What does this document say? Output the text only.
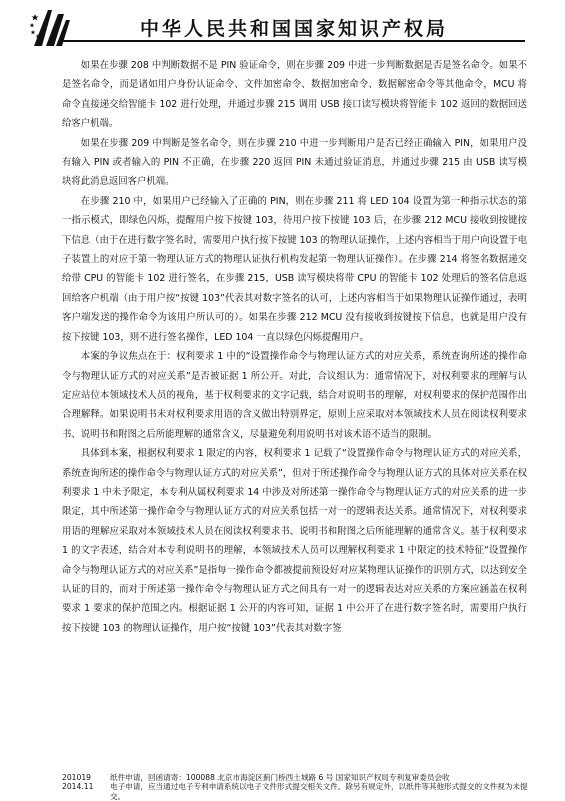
中华人民共和国国家知识产权局

如果在步骤 208 中判断数据不是 PIN 验证命令，则在步骤 209 中进一步判断数据是否是签名命令。如果不是签名命令，而是诸如用户身份认证命令、文件加密命令、数据加密命令、数据解密命令等其他命令，MCU 将命令直接递交给智能卡 102 进行处理，并通过步骤 215 调用 USB 接口读写模块将智能卡 102 返回的数据回送给客户机端。

如果在步骤 209 中判断是签名命令，则在步骤 210 中进一步判断用户是否已经正确输入 PIN，如果用户没有输入 PIN 或者输入的 PIN 不正确，在步骤 220 返回 PIN 未通过验证消息，并通过步骤 215 由 USB 读写模块将此消息返回客户机端。

在步骤 210 中，如果用户已经输入了正确的 PIN，则在步骤 211 将 LED 104 设置为第一种指示状态的第一指示模式，即绿色闪烁，提醒用户按下按键 103，待用户按下按键 103 后，在步骤 212 MCU 接收到按键按下信息（由于在进行数字签名时，需要用户执行按下按键 103 的物理认证操作，上述内容相当于用户向设置于电子装置上的对应于第一物理认证方式的物理认证执行机构发起第一物理认证操作）。在步骤 214 将签名数据递交给带 CPU 的智能卡 102 进行签名，在步骤 215，USB 读写模块将带 CPU 的智能卡 102 处理后的签名信息返回给客户机端（由于用户按“按键 103”代表其对数字签名的认可，上述内容相当于如果物理认证操作通过，表明客户端发送的操作命令为该用户所认可的）。如果在步骤 212 MCU 没有接收到按键按下信息，也就是用户没有按下按键 103，则不进行签名操作，LED 104 一直以绿色闪烁提醒用户。

本案的争议焦点在于：权利要求 1 中的“设置操作命令与物理认证方式的对应关系，系统查询所述的操作命令与物理认证方式的对应关系”是否被证据 1 所公开。对此，合议组认为：通常情况下，对权利要求的理解与认定应站位本领域技术人员的视角，基于权利要求的文字记载，结合对说明书的理解，对权利要求的保护范围作出合理解释。如果说明书未对权利要求用语的含义做出特别界定，原则上应采取对本领域技术人员在阅读权利要求书、说明书和附图之后所能理解的通常含义，尽量避免利用说明书对该术语不适当的限制。

具体到本案，根据权利要求 1 限定的内容，权利要求 1 记载了“设置操作命令与物理认证方式的对应关系，系统查询所述的操作命令与物理认证方式的对应关系”，但对于所述操作命令与物理认证方式的具体对应关系在权利要求 1 中未予限定，本专利从属权利要求 14 中涉及对所述第一操作命令与物理认证方式的对应关系的进一步限定，其中所述第一操作命令与物理认证方式的对应关系包括一对一的逻辑表达关系。通常情况下，对权利要求用语的理解应采取对本领域技术人员在阅读权利要求书、说明书和附图之后所能理解的通常含义。基于权利要求 1 的文字表述，结合对本专利说明书的理解，本领域技术人员可以理解权利要求 1 中限定的技术特征“设置操作命令与物理认证方式的对应关系”是指每一操作命令都被提前预设好对应某物理认证操作的识别方式，以达到安全认证的目的，而对于所述第一操作命令与物理认证方式之间具有一对一的逻辑表达对应关系的方案应涵盖在权利要求 1 要求的保护范围之内。根据证据 1 公开的内容可知，证据 1 中公开了在进行数字签名时，需要用户执行按下按键 103 的物理认证操作，用户按“按键 103”代表其对数字签

201019	纸件申请，回函请寄：100088 北京市海淀区蓟门桥西土城路 6 号 国家知识产权局专利复审委员会收
2014.11	电子申请，应当通过电子专利申请系统以电子文件形式提交相关文件。除另有规定外，以纸件等其他形式提交的文件视为未提交。
